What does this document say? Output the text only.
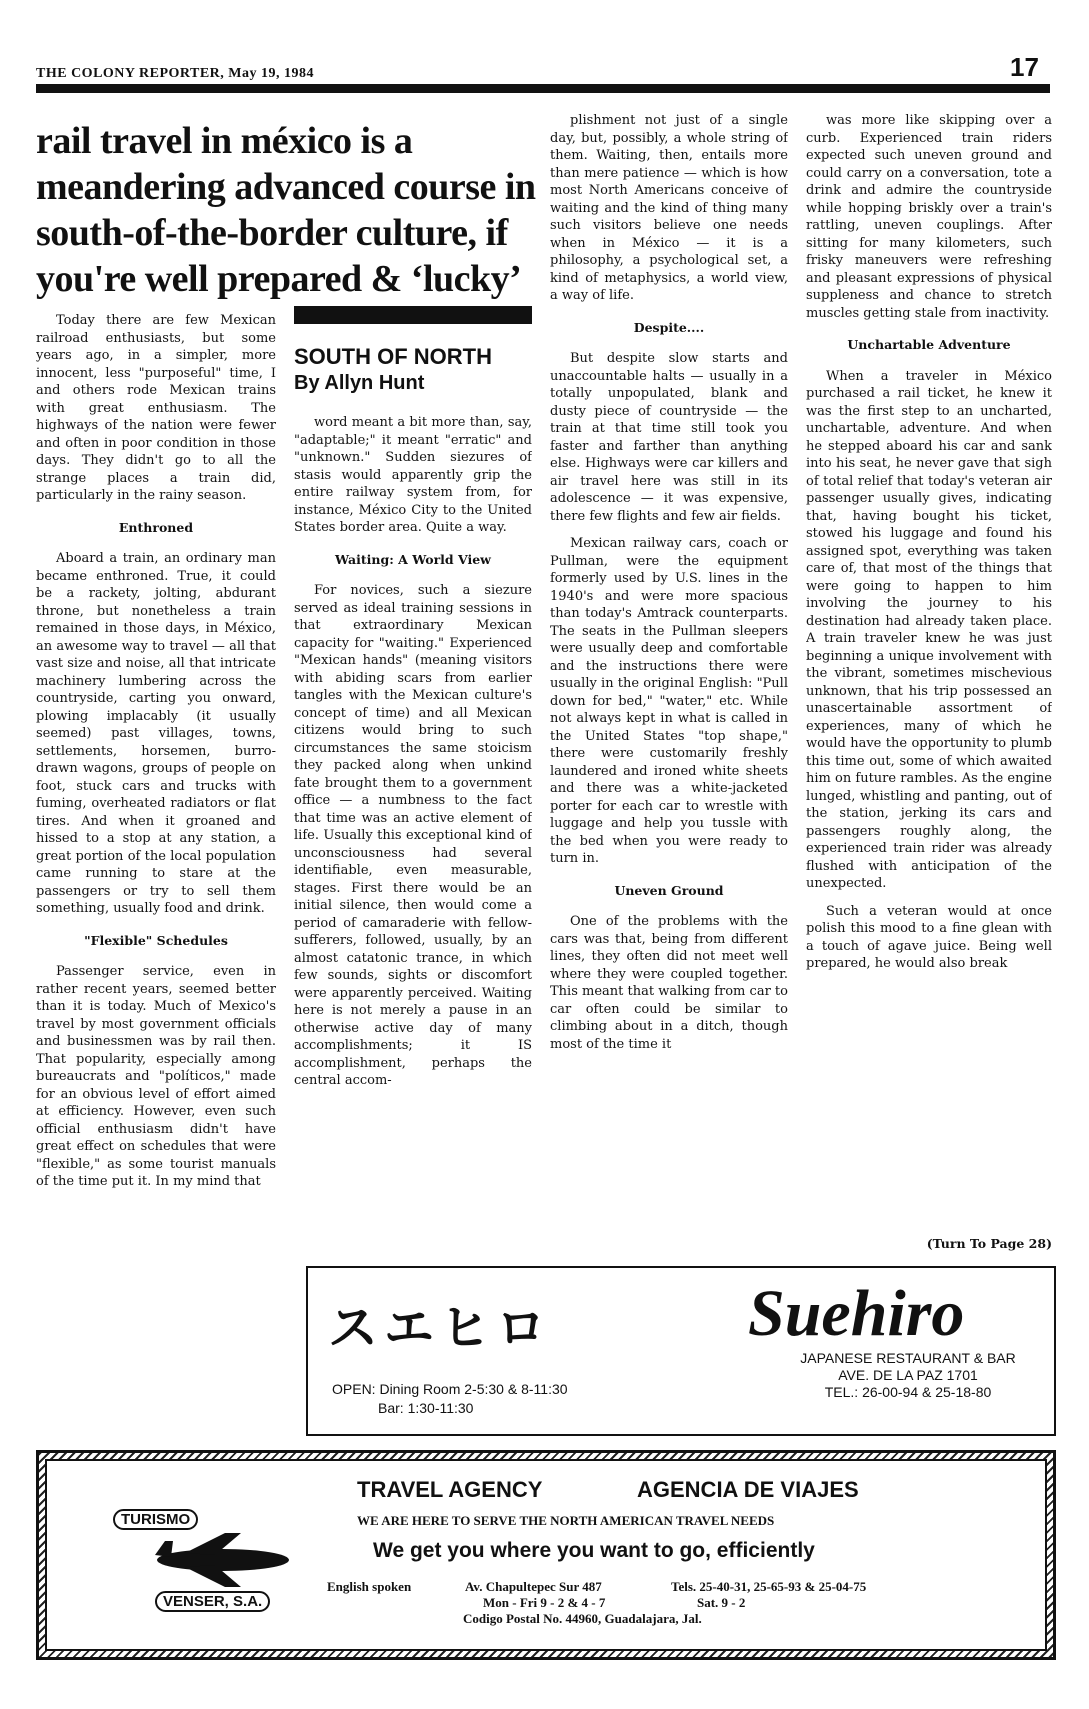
THE COLONY REPORTER, May 19, 1984	17
rail travel in méxico is a meandering advanced course in south-of-the-border culture, if you're well prepared & ‘lucky’

Today there are few Mexican railroad enthusiasts, but some years ago, in a simpler, more innocent, less "purposeful" time, I and others rode Mexican trains with great enthusiasm. The highways of the nation were fewer and often in poor condition in those days. They didn't go to all the strange places a train did, particularly in the rainy season.

Enthroned

Aboard a train, an ordinary man became enthroned. True, it could be a rackety, jolting, abdurant throne, but nonetheless a train remained in those days, in México, an awesome way to travel — all that vast size and noise, all that intricate machinery lumbering across the countryside, carting you onward, plowing implacably (it usually seemed) past villages, towns, settlements, horsemen, burro-drawn wagons, groups of people on foot, stuck cars and trucks with fuming, overheated radiators or flat tires. And when it groaned and hissed to a stop at any station, a great portion of the local population came running to stare at the passengers or try to sell them something, usually food and drink.

"Flexible" Schedules

Passenger service, even in rather recent years, seemed better than it is today. Much of Mexico's travel by most government officials and businessmen was by rail then. That popularity, especially among bureaucrats and "políticos," made for an obvious level of effort aimed at efficiency. However, even such official enthusiasm didn't have great effect on schedules that were "flexible," as some tourist manuals of the time put it. In my mind that

SOUTH OF NORTH
By Allyn Hunt

word meant a bit more than, say, "adaptable;" it meant "erratic" and "unknown." Sudden siezures of stasis would apparently grip the entire railway system from, for instance, México City to the United States border area. Quite a way.

Waiting: A World View

For novices, such a siezure served as ideal training sessions in that extraordinary Mexican capacity for "waiting." Experienced "Mexican hands" (meaning visitors with abiding scars from earlier tangles with the Mexican culture's concept of time) and all Mexican citizens would bring to such circumstances the same stoicism they packed along when unkind fate brought them to a government office — a numbness to the fact that time was an active element of life. Usually this exceptional kind of unconsciousness had several identifiable, even measurable, stages. First there would be an initial silence, then would come a period of camaraderie with fellow-sufferers, followed, usually, by an almost catatonic trance, in which few sounds, sights or discomfort were apparently perceived. Waiting here is not merely a pause in an otherwise active day of many accomplishments; it IS accomplishment, perhaps the central accom-

plishment not just of a single day, but, possibly, a whole string of them. Waiting, then, entails more than mere patience — which is how most North Americans conceive of waiting and the kind of thing many such visitors believe one needs when in México — it is a philosophy, a psychological set, a kind of metaphysics, a world view, a way of life.

Despite....

But despite slow starts and unaccountable halts — usually in a totally unpopulated, blank and dusty piece of countryside — the train at that time still took you faster and farther than anything else. Highways were car killers and air travel here was still in its adolescence — it was expensive, there few flights and few air fields.

Mexican railway cars, coach or Pullman, were the equipment formerly used by U.S. lines in the 1940's and were more spacious than today's Amtrack counterparts. The seats in the Pullman sleepers were usually deep and comfortable and the instructions there were usually in the original English: "Pull down for bed," "water," etc. While not always kept in what is called in the United States "top shape," there were customarily freshly laundered and ironed white sheets and there was a white-jacketed porter for each car to wrestle with luggage and help you tussle with the bed when you were ready to turn in.

Uneven Ground

One of the problems with the cars was that, being from different lines, they often did not meet well where they were coupled together. This meant that walking from car to car often could be similar to climbing about in a ditch, though most of the time it

was more like skipping over a curb. Experienced train riders expected such uneven ground and could carry on a conversation, tote a drink and admire the countryside while hopping briskly over a train's rattling, uneven couplings. After sitting for many kilometers, such frisky maneuvers were refreshing and pleasant expressions of physical suppleness and chance to stretch muscles getting stale from inactivity.

Unchartable Adventure

When a traveler in México purchased a rail ticket, he knew it was the first step to an uncharted, unchartable, adventure. And when he stepped aboard his car and sank into his seat, he never gave that sigh of total relief that today's veteran air passenger usually gives, indicating that, having bought his ticket, stowed his luggage and found his assigned spot, everything was taken care of, that most of the things that were going to happen to him involving the journey to his destination had already taken place. A train traveler knew he was just beginning a unique involvement with the vibrant, sometimes mischevious unknown, that his trip possessed an unascertainable assortment of experiences, many of which he would have the opportunity to plumb this time out, some of which awaited him on future rambles. As the engine lunged, whistling and panting, out of the station, jerking its cars and passengers roughly along, the experienced train rider was already flushed with anticipation of the unexpected.

Such a veteran would at once polish this mood to a fine glean with a touch of agave juice. Being well prepared, he would also break

(Turn To Page 28)
スエヒロ	Suehiro
JAPANESE RESTAURANT & BAR
AVE. DE LA PAZ 1701
TEL.: 26-00-94 & 25-18-80
OPEN: Dining Room 2-5:30 & 8-11:30
Bar: 1:30-11:30
TURISMO
VENSER, S.A.
TRAVEL AGENCY	AGENCIA DE VIAJES
WE ARE HERE TO SERVE THE NORTH AMERICAN TRAVEL NEEDS
We get you where you want to go, efficiently
English spoken	Av. Chapultepec Sur 487	Tels. 25-40-31, 25-65-93 & 25-04-75
Mon - Fri 9 - 2 & 4 - 7	Sat. 9 - 2
Codigo Postal No. 44960, Guadalajara, Jal.
